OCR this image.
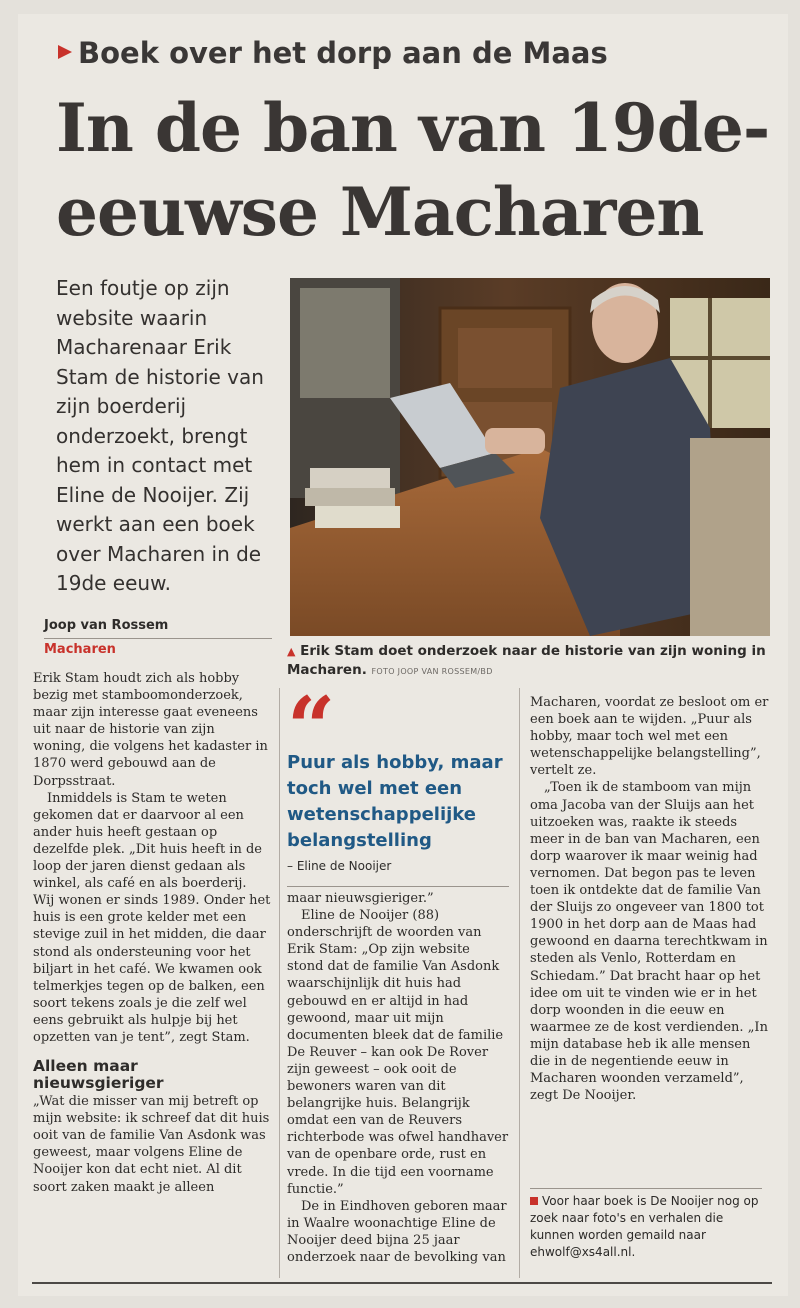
Boek over het dorp aan de Maas
In de ban van 19de-
eeuwse Macharen
Een foutje op zijn website waarin Macharenaar Erik Stam de historie van zijn boerderij onderzoekt, brengt hem in contact met Eline de Nooijer. Zij werkt aan een boek over Macharen in de 19de eeuw.
▲ Erik Stam doet onderzoek naar de historie van zijn woning in Macharen. FOTO JOOP VAN ROSSEM/BD
Joop van Rossem
Macharen

Erik Stam houdt zich als hobby bezig met stamboomonderzoek, maar zijn interesse gaat eveneens uit naar de historie van zijn woning, die volgens het kadaster in 1870 werd gebouwd aan de Dorpsstraat.

Inmiddels is Stam te weten gekomen dat er daarvoor al een ander huis heeft gestaan op dezelfde plek. „Dit huis heeft in de loop der jaren dienst gedaan als winkel, als café en als boerderij. Wij wonen er sinds 1989. Onder het huis is een grote kelder met een stevige zuil in het midden, die daar stond als ondersteuning voor het biljart in het café. We kwamen ook telmerkjes tegen op de balken, een soort tekens zoals je die zelf wel eens gebruikt als hulpje bij het opzetten van je tent”, zegt Stam.

Alleen maar nieuwsgieriger

„Wat die misser van mij betreft op mijn website: ik schreef dat dit huis ooit van de familie Van Asdonk was geweest, maar volgens Eline de Nooijer kon dat echt niet. Al dit soort zaken maakt je alleen

“
Puur als hobby, maar toch wel met een wetenschappelijke belangstelling
– Eline de Nooijer

maar nieuwsgieriger.”

Eline de Nooijer (88) onderschrijft de woorden van Erik Stam: „Op zijn website stond dat de familie Van Asdonk waarschijnlijk dit huis had gebouwd en er altijd in had gewoond, maar uit mijn documenten bleek dat de familie De Reuver – kan ook De Rover zijn geweest – ook ooit de bewoners waren van dit belangrijke huis. Belangrijk omdat een van de Reuvers richterbode was ofwel handhaver van de openbare orde, rust en vrede. In die tijd een voorname functie.”

De in Eindhoven geboren maar in Waalre woonachtige Eline de Nooijer deed bijna 25 jaar onderzoek naar de bevolking van

Macharen, voordat ze besloot om er een boek aan te wijden. „Puur als hobby, maar toch wel met een wetenschappelijke belangstelling”, vertelt ze.

„Toen ik de stamboom van mijn oma Jacoba van der Sluijs aan het uitzoeken was, raakte ik steeds meer in de ban van Macharen, een dorp waarover ik maar weinig had vernomen. Dat begon pas te leven toen ik ontdekte dat de familie Van der Sluijs zo ongeveer van 1800 tot 1900 in het dorp aan de Maas had gewoond en daarna terechtkwam in steden als Venlo, Rotterdam en Schiedam.” Dat bracht haar op het idee om uit te vinden wie er in het dorp woonden in die eeuw en waarmee ze de kost verdienden. „In mijn database heb ik alle mensen die in de negentiende eeuw in Macharen woonden verzameld”, zegt De Nooijer.

Voor haar boek is De Nooijer nog op zoek naar foto's en verhalen die kunnen worden gemaild naar ehwolf@xs4all.nl.
